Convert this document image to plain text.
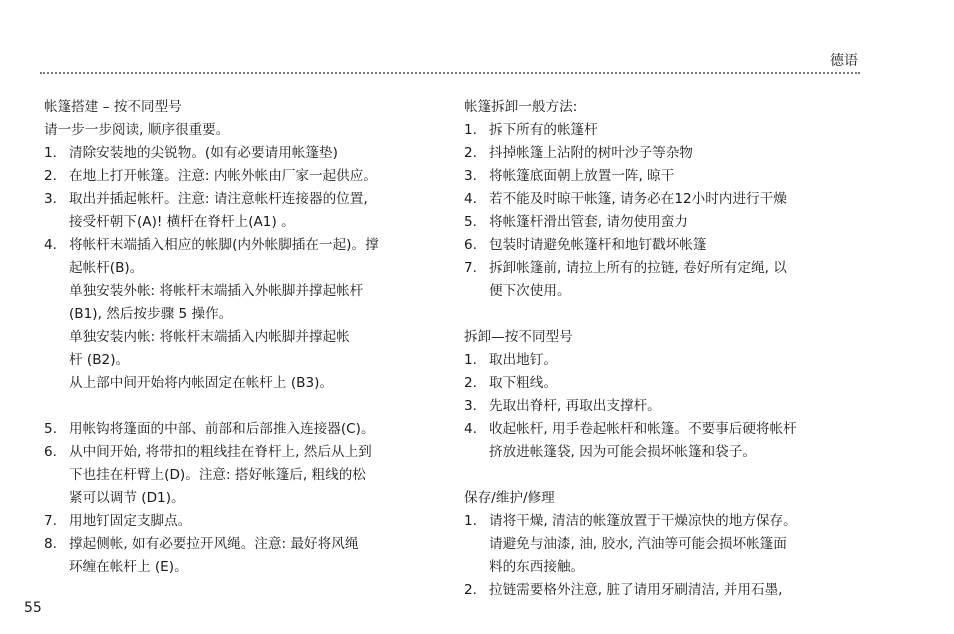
德语

帐篷搭建 – 按不同型号

请一步一步阅读, 顺序很重要。

1. 清除安装地的尖锐物。(如有必要请用帐篷垫)
2. 在地上打开帐篷。注意: 内帐外帐由厂家一起供应。
3. 取出并插起帐杆。注意: 请注意帐杆连接器的位置,
接受杆朝下(A)! 横杆在脊杆上(A1) 。
4. 将帐杆末端插入相应的帐脚(内外帐脚插在一起)。撑
起帐杆(B)。
单独安装外帐: 将帐杆末端插入外帐脚并撑起帐杆
(B1), 然后按步骤 5 操作。
单独安装内帐: 将帐杆末端插入内帐脚并撑起帐
杆 (B2)。
从上部中间开始将内帐固定在帐杆上 (B3)。
5. 用帐钩将篷面的中部、前部和后部推入连接器(C)。
6. 从中间开始, 将带扣的粗线挂在脊杆上, 然后从上到
下也挂在杆臂上(D)。注意: 搭好帐篷后, 粗线的松
紧可以调节 (D1)。
7. 用地钉固定支脚点。
8. 撑起侧帐, 如有必要拉开风绳。注意: 最好将风绳
环缠在帐杆上 (E)。

帐篷拆卸一般方法:

1. 拆下所有的帐篷杆
2. 抖掉帐篷上沾附的树叶沙子等杂物
3. 将帐篷底面朝上放置一阵, 晾干
4. 若不能及时晾干帐篷, 请务必在12小时内进行干燥
5. 将帐篷杆滑出管套, 请勿使用蛮力
6. 包装时请避免帐篷杆和地钉戳坏帐篷
7. 拆卸帐篷前, 请拉上所有的拉链, 卷好所有定绳, 以
便下次使用。

拆卸—按不同型号

1. 取出地钉。
2. 取下粗线。
3. 先取出脊杆, 再取出支撑杆。
4. 收起帐杆, 用手卷起帐杆和帐篷。不要事后硬将帐杆
挤放进帐篷袋, 因为可能会损坏帐篷和袋子。

保存/维护/修理

1. 请将干燥, 清洁的帐篷放置于干燥凉快的地方保存。
请避免与油漆, 油, 胶水, 汽油等可能会损坏帐篷面
料的东西接触。
2. 拉链需要格外注意, 脏了请用牙刷清洁, 并用石墨,
55
